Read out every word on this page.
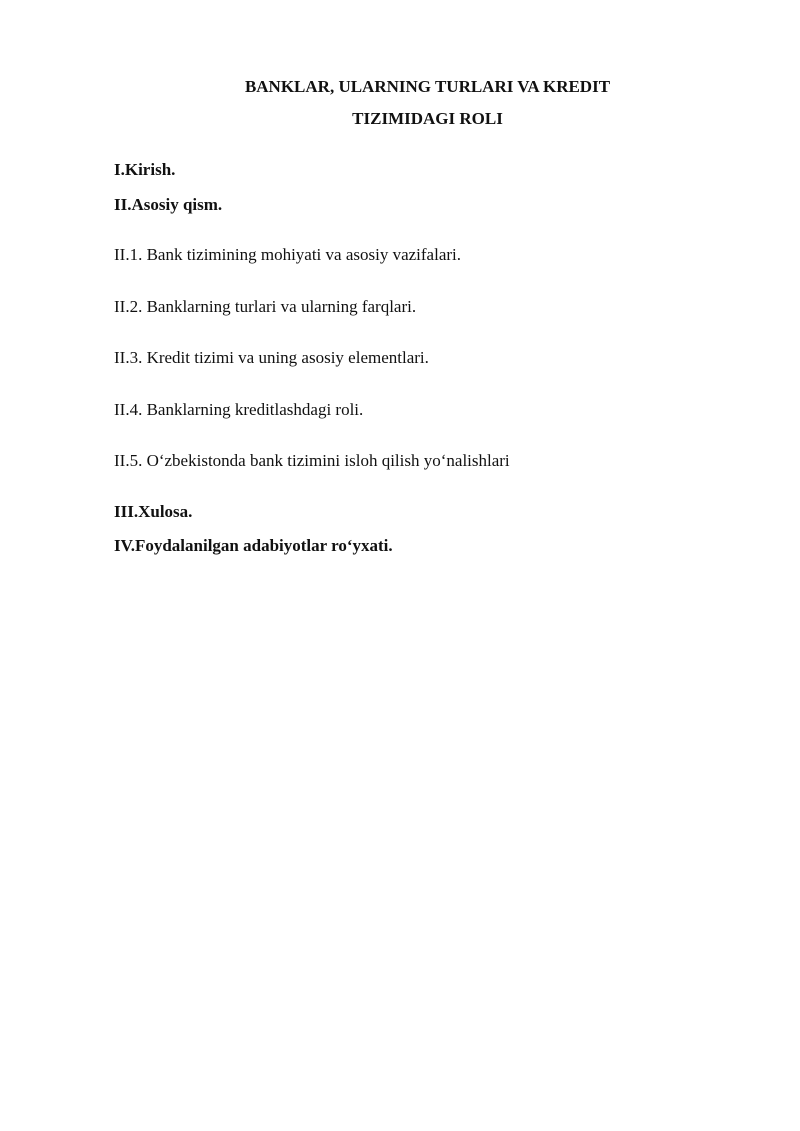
BANKLAR, ULARNING TURLARI VA KREDIT
TIZIMIDAGI ROLI
I.Kirish.
II.Asosiy qism.
II.1. Bank tizimining mohiyati va asosiy vazifalari.
II.2. Banklarning turlari va ularning farqlari.
II.3. Kredit tizimi va uning asosiy elementlari.
II.4. Banklarning kreditlashdagi roli.
II.5. O‘zbekistonda bank tizimini isloh qilish yo‘nalishlari
III.Xulosa.
IV.Foydalanilgan adabiyotlar ro‘yxati.
